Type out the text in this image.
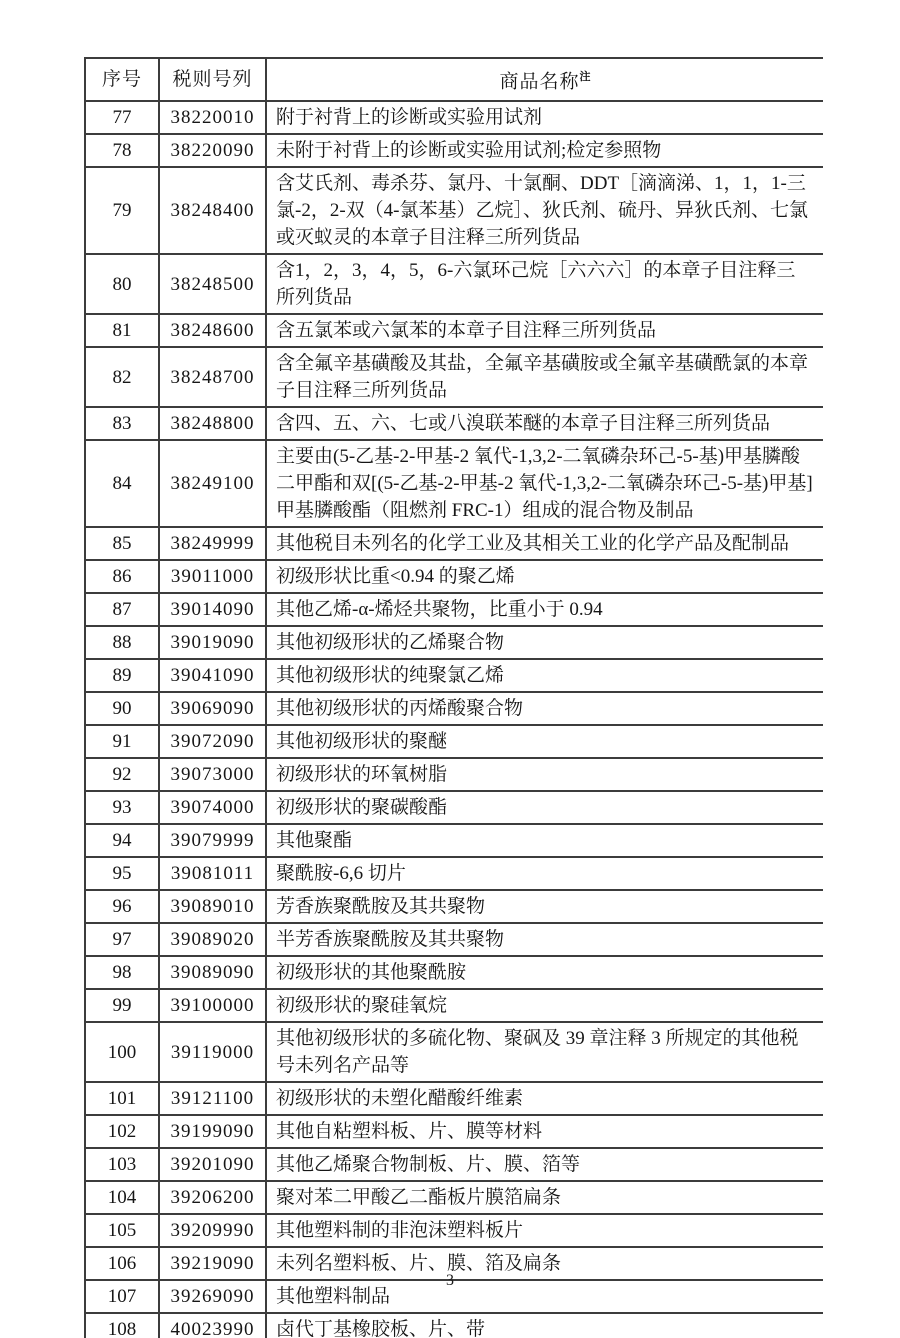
序号	税则号列	商品名称$^注$
77	38220010	附于衬背上的诊断或实验用试剂
78	38220090	未附于衬背上的诊断或实验用试剂;检定参照物
79	38248400	含艾氏剂、毒杀芬、氯丹、十氯酮、DDT［滴滴涕、1，1，1-三氯-2，2-双（4-氯苯基）乙烷］、狄氏剂、硫丹、异狄氏剂、七氯或灭蚁灵的本章子目注释三所列货品
80	38248500	含1，2，3，4，5，6-六氯环己烷［六六六］的本章子目注释三所列货品
81	38248600	含五氯苯或六氯苯的本章子目注释三所列货品
82	38248700	含全氟辛基磺酸及其盐，全氟辛基磺胺或全氟辛基磺酰氯的本章子目注释三所列货品
83	38248800	含四、五、六、七或八溴联苯醚的本章子目注释三所列货品
84	38249100	主要由(5-乙基-2-甲基-2 氧代-1,3,2-二氧磷杂环己-5-基)甲基膦酸二甲酯和双[(5-乙基-2-甲基-2 氧代-1,3,2-二氧磷杂环己-5-基)甲基]甲基膦酸酯（阻燃剂 FRC-1）组成的混合物及制品
85	38249999	其他税目未列名的化学工业及其相关工业的化学产品及配制品
86	39011000	初级形状比重<0.94 的聚乙烯
87	39014090	其他乙烯-α-烯烃共聚物，比重小于 0.94
88	39019090	其他初级形状的乙烯聚合物
89	39041090	其他初级形状的纯聚氯乙烯
90	39069090	其他初级形状的丙烯酸聚合物
91	39072090	其他初级形状的聚醚
92	39073000	初级形状的环氧树脂
93	39074000	初级形状的聚碳酸酯
94	39079999	其他聚酯
95	39081011	聚酰胺-6,6 切片
96	39089010	芳香族聚酰胺及其共聚物
97	39089020	半芳香族聚酰胺及其共聚物
98	39089090	初级形状的其他聚酰胺
99	39100000	初级形状的聚硅氧烷
100	39119000	其他初级形状的多硫化物、聚砜及 39 章注释 3 所规定的其他税号未列名产品等
101	39121100	初级形状的未塑化醋酸纤维素
102	39199090	其他自粘塑料板、片、膜等材料
103	39201090	其他乙烯聚合物制板、片、膜、箔等
104	39206200	聚对苯二甲酸乙二酯板片膜箔扁条
105	39209990	其他塑料制的非泡沫塑料板片
106	39219090	未列名塑料板、片、膜、箔及扁条
107	39269090	其他塑料制品
108	40023990	卤代丁基橡胶板、片、带
3
